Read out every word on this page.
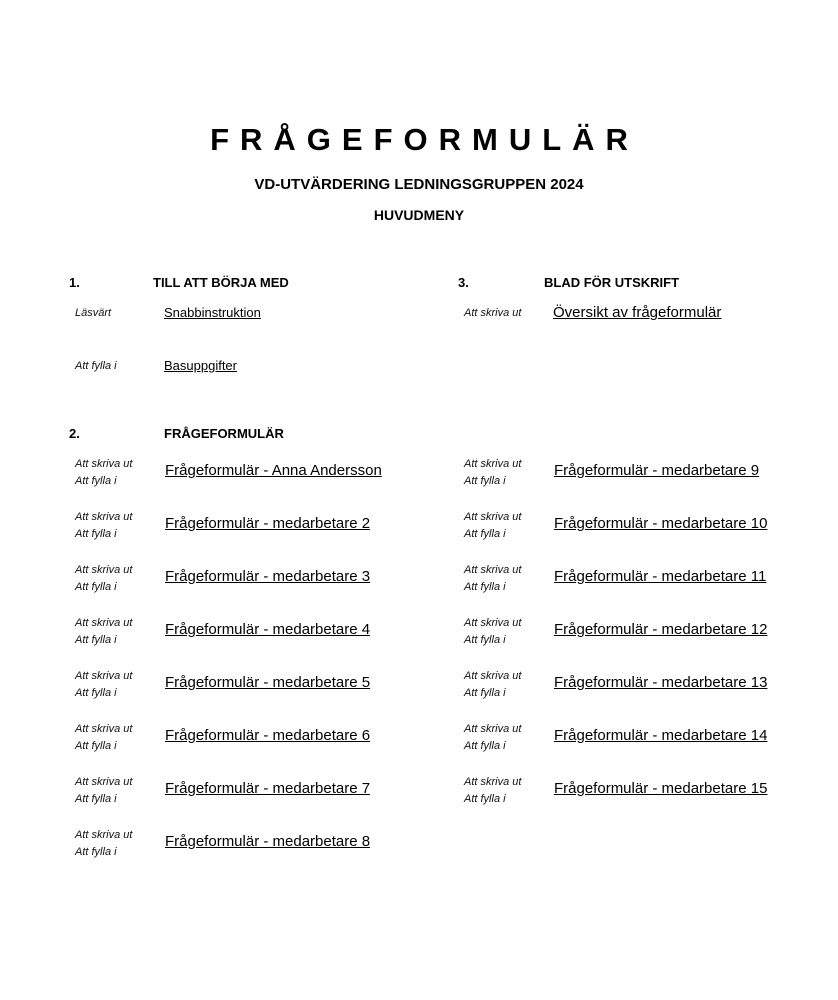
FRÅGEFORMULÄR
VD-UTVÄRDERING LEDNINGSGRUPPEN 2024
HUVUDMENY
1.	TILL ATT BÖRJA MED
Läsvärt	Snabbinstruktion
Att fylla i	Basuppgifter
3.	BLAD FÖR UTSKRIFT
Att skriva ut Översikt av frågeformulär
2.	FRÅGEFORMULÄR
Att skriva ut
Att fylla i
Frågeformulär - Anna Andersson
Att skriva ut
Att fylla i
Frågeformulär - medarbetare 2
Att skriva ut
Att fylla i
Frågeformulär - medarbetare 3
Att skriva ut
Att fylla i
Frågeformulär - medarbetare 4
Att skriva ut
Att fylla i
Frågeformulär - medarbetare 5
Att skriva ut
Att fylla i
Frågeformulär - medarbetare 6
Att skriva ut
Att fylla i
Frågeformulär - medarbetare 7
Att skriva ut
Att fylla i
Frågeformulär - medarbetare 8
Att skriva ut
Att fylla i
Frågeformulär - medarbetare 9
Att skriva ut
Att fylla i
Frågeformulär - medarbetare 10
Att skriva ut
Att fylla i
Frågeformulär - medarbetare 11
Att skriva ut
Att fylla i
Frågeformulär - medarbetare 12
Att skriva ut
Att fylla i
Frågeformulär - medarbetare 13
Att skriva ut
Att fylla i
Frågeformulär - medarbetare 14
Att skriva ut
Att fylla i
Frågeformulär - medarbetare 15
